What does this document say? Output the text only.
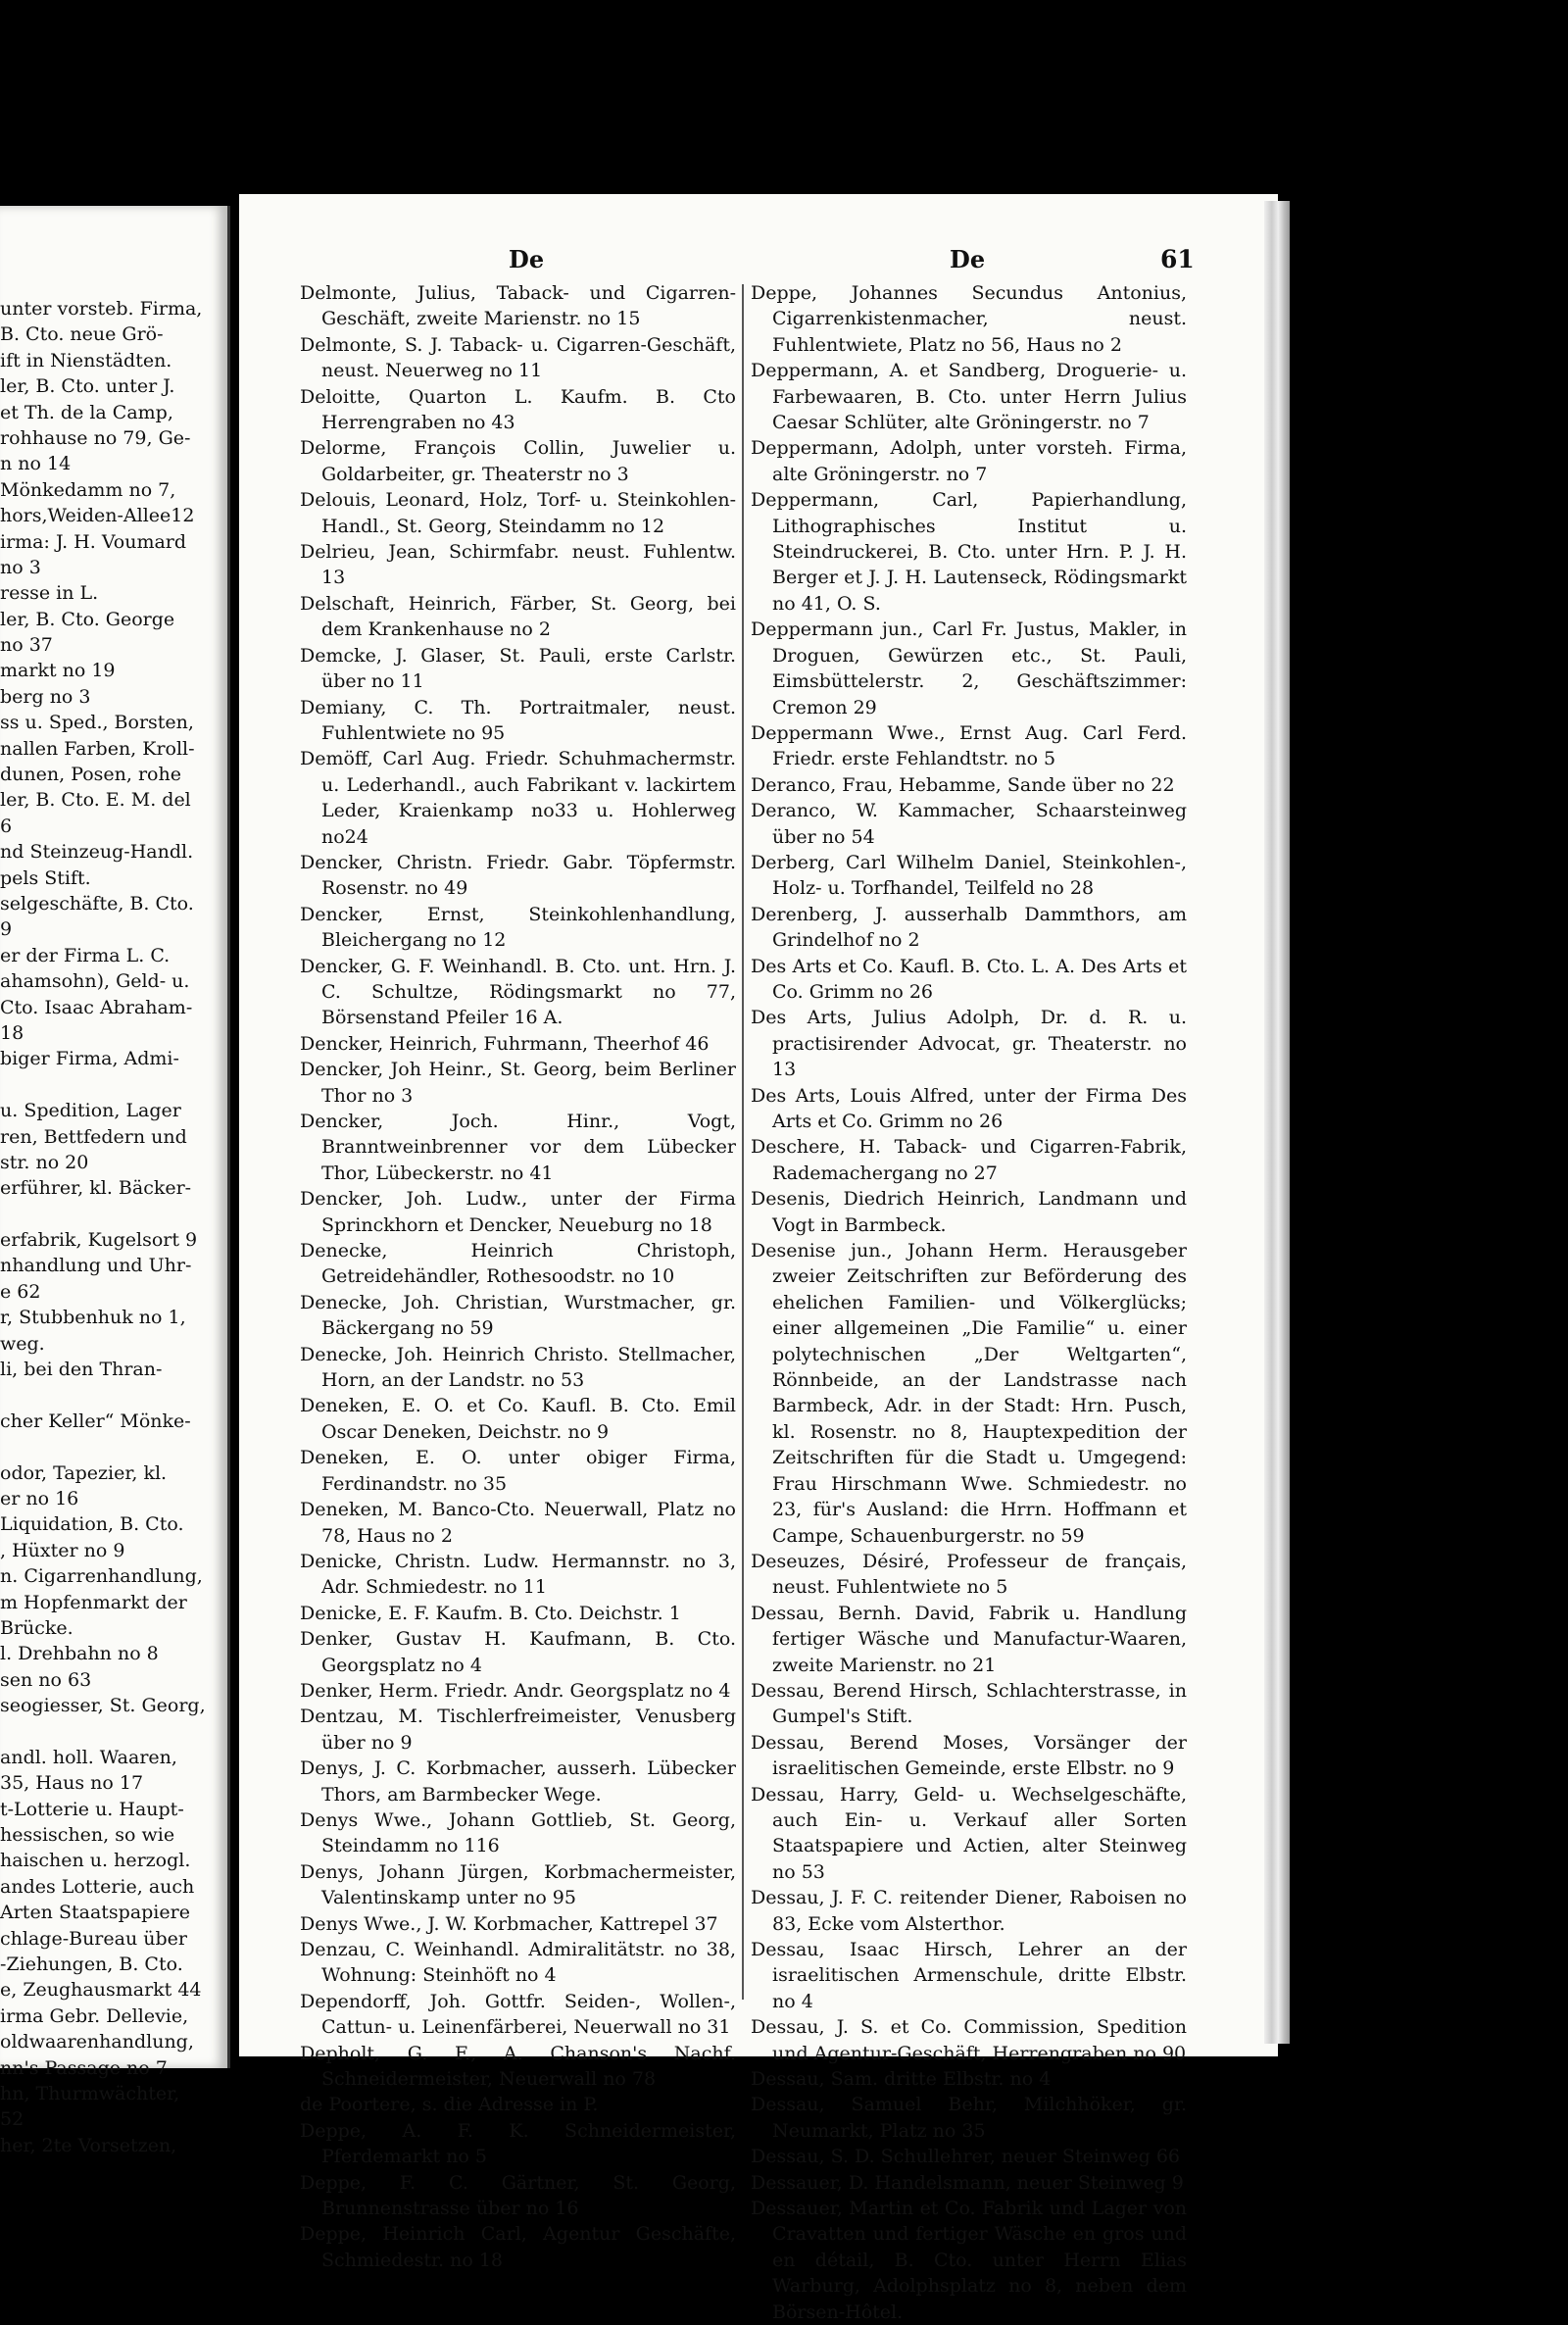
unter vorsteb. Firma,
B. Cto. neue Grö-
ift in Nienstädten.
ler, B. Cto. unter J.
et Th. de la Camp,
rohhause no 79, Ge-
n no 14
Mönkedamm no 7,
hors,Weiden-Allee12
irma: J. H. Voumard
no 3
resse in L.
ler, B. Cto. George
no 37
markt no 19
berg no 3
ss u. Sped., Borsten,
nallen Farben, Kroll-
dunen, Posen, rohe
ler, B. Cto. E. M. del
6
nd Steinzeug-Handl.
pels Stift.
selgeschäfte, B. Cto.
9
er der Firma L. C.
ahamsohn), Geld- u.
Cto. Isaac Abraham-
18
biger Firma, Admi-
u. Spedition, Lager
ren, Bettfedern und
str. no 20
erführer, kl. Bäcker-
erfabrik, Kugelsort 9
nhandlung und Uhr-
e 62
r, Stubbenhuk no 1,
weg.
li, bei den Thran-
cher Keller“ Mönke-
odor, Tapezier, kl.
er no 16
Liquidation, B. Cto.
, Hüxter no 9
n. Cigarrenhandlung,
m Hopfenmarkt der
Brücke.
l. Drehbahn no 8
sen no 63
seogiesser, St. Georg,
andl. holl. Waaren,
35, Haus no 17
t-Lotterie u. Haupt-
hessischen, so wie
haischen u. herzogl.
andes Lotterie, auch
Arten Staatspapiere
chlage-Bureau über
-Ziehungen, B. Cto.
e, Zeughausmarkt 44
irma Gebr. Dellevie,
oldwaarenhandlung,
nn's Passage no 7
hn, Thurmwächter,
52
her, 2te Vorsetzen,
De	De	61
Delmonte, Julius, Taback- und Cigarren-Geschäft, zweite Marienstr. no 15
Delmonte, S. J. Taback- u. Cigarren-Geschäft, neust. Neuerweg no 11
Deloitte, Quarton L. Kaufm. B. Cto Herrengraben no 43
Delorme, François Collin, Juwelier u. Goldarbeiter, gr. Theaterstr no 3
Delouis, Leonard, Holz, Torf- u. Steinkohlen-Handl., St. Georg, Steindamm no 12
Delrieu, Jean, Schirmfabr. neust. Fuhlentw. 13
Delschaft, Heinrich, Färber, St. Georg, bei dem Krankenhause no 2
Demcke, J. Glaser, St. Pauli, erste Carlstr. über no 11
Demiany, C. Th. Portraitmaler, neust. Fuhlentwiete no 95
Demöff, Carl Aug. Friedr. Schuhmachermstr. u. Lederhandl., auch Fabrikant v. lackirtem Leder, Kraienkamp no33 u. Hohlerweg no24
Dencker, Christn. Friedr. Gabr. Töpfermstr. Rosenstr. no 49
Dencker, Ernst, Steinkohlenhandlung, Bleichergang no 12
Dencker, G. F. Weinhandl. B. Cto. unt. Hrn. J. C. Schultze, Rödingsmarkt no 77, Börsenstand Pfeiler 16 A.
Dencker, Heinrich, Fuhrmann, Theerhof 46
Dencker, Joh Heinr., St. Georg, beim Berliner Thor no 3
Dencker, Joch. Hinr., Vogt, Branntweinbrenner vor dem Lübecker Thor, Lübeckerstr. no 41
Dencker, Joh. Ludw., unter der Firma Sprinckhorn et Dencker, Neueburg no 18
Denecke, Heinrich Christoph, Getreidehändler, Rothesoodstr. no 10
Denecke, Joh. Christian, Wurstmacher, gr. Bäckergang no 59
Denecke, Joh. Heinrich Christo. Stellmacher, Horn, an der Landstr. no 53
Deneken, E. O. et Co. Kaufl. B. Cto. Emil Oscar Deneken, Deichstr. no 9
Deneken, E. O. unter obiger Firma, Ferdinandstr. no 35
Deneken, M. Banco-Cto. Neuerwall, Platz no 78, Haus no 2
Denicke, Christn. Ludw. Hermannstr. no 3, Adr. Schmiedestr. no 11
Denicke, E. F. Kaufm. B. Cto. Deichstr. 1
Denker, Gustav H. Kaufmann, B. Cto. Georgsplatz no 4
Denker, Herm. Friedr. Andr. Georgsplatz no 4
Dentzau, M. Tischlerfreimeister, Venusberg über no 9
Denys, J. C. Korbmacher, ausserh. Lübecker Thors, am Barmbecker Wege.
Denys Wwe., Johann Gottlieb, St. Georg, Steindamm no 116
Denys, Johann Jürgen, Korbmachermeister, Valentinskamp unter no 95
Denys Wwe., J. W. Korbmacher, Kattrepel 37
Denzau, C. Weinhandl. Admiralitätstr. no 38, Wohnung: Steinhöft no 4
Dependorff, Joh. Gottfr. Seiden-, Wollen-, Cattun- u. Leinenfärberei, Neuerwall no 31
Depholt, G. F., A. Chanson's Nachf. Schneidermeister, Neuerwall no 78
de Poortere, s. die Adresse in P.
Deppe, A. F. K. Schneidermeister, Pferdemarkt no 5
Deppe, F. C. Gärtner, St. Georg, Brunnenstrasse über no 16
Deppe, Heinrich Carl, Agentur Geschäfte, Schmiedestr. no 18
Deppe, Johannes Secundus Antonius, Cigarrenkistenmacher, neust. Fuhlentwiete, Platz no 56, Haus no 2
Deppermann, A. et Sandberg, Droguerie- u. Farbewaaren, B. Cto. unter Herrn Julius Caesar Schlüter, alte Gröningerstr. no 7
Deppermann, Adolph, unter vorsteh. Firma, alte Gröningerstr. no 7
Deppermann, Carl, Papierhandlung, Lithographisches Institut u. Steindruckerei, B. Cto. unter Hrn. P. J. H. Berger et J. J. H. Lautenseck, Rödingsmarkt no 41, O. S.
Deppermann jun., Carl Fr. Justus, Makler, in Droguen, Gewürzen etc., St. Pauli, Eimsbüttelerstr. 2, Geschäftszimmer: Cremon 29
Deppermann Wwe., Ernst Aug. Carl Ferd. Friedr. erste Fehlandtstr. no 5
Deranco, Frau, Hebamme, Sande über no 22
Deranco, W. Kammacher, Schaarsteinweg über no 54
Derberg, Carl Wilhelm Daniel, Steinkohlen-, Holz- u. Torfhandel, Teilfeld no 28
Derenberg, J. ausserhalb Dammthors, am Grindelhof no 2
Des Arts et Co. Kaufl. B. Cto. L. A. Des Arts et Co. Grimm no 26
Des Arts, Julius Adolph, Dr. d. R. u. practisirender Advocat, gr. Theaterstr. no 13
Des Arts, Louis Alfred, unter der Firma Des Arts et Co. Grimm no 26
Deschere, H. Taback- und Cigarren-Fabrik, Rademachergang no 27
Desenis, Diedrich Heinrich, Landmann und Vogt in Barmbeck.
Desenise jun., Johann Herm. Herausgeber zweier Zeitschriften zur Beförderung des ehelichen Familien- und Völkerglücks; einer allgemeinen „Die Familie“ u. einer polytechnischen „Der Weltgarten“, Rönnbeide, an der Landstrasse nach Barmbeck, Adr. in der Stadt: Hrn. Pusch, kl. Rosenstr. no 8, Hauptexpedition der Zeitschriften für die Stadt u. Umgegend: Frau Hirschmann Wwe. Schmiedestr. no 23, für's Ausland: die Hrrn. Hoffmann et Campe, Schauenburgerstr. no 59
Deseuzes, Désiré, Professeur de français, neust. Fuhlentwiete no 5
Dessau, Bernh. David, Fabrik u. Handlung fertiger Wäsche und Manufactur-Waaren, zweite Marienstr. no 21
Dessau, Berend Hirsch, Schlachterstrasse, in Gumpel's Stift.
Dessau, Berend Moses, Vorsänger der israelitischen Gemeinde, erste Elbstr. no 9
Dessau, Harry, Geld- u. Wechselgeschäfte, auch Ein- u. Verkauf aller Sorten Staatspapiere und Actien, alter Steinweg no 53
Dessau, J. F. C. reitender Diener, Raboisen no 83, Ecke vom Alsterthor.
Dessau, Isaac Hirsch, Lehrer an der israelitischen Armenschule, dritte Elbstr. no 4
Dessau, J. S. et Co. Commission, Spedition und Agentur-Geschäft, Herrengraben no 90
Dessau, Sam. dritte Elbstr. no 4
Dessau, Samuel Behr, Milchhöker, gr. Neumarkt, Platz no 35
Dessau, S. D. Schullehrer, neuer Steinweg 66
Dessauer, D. Handelsmann, neuer Steinweg 9
Dessauer, Martin et Co. Fabrik und Lager von Cravatten und fertiger Wäsche en gros und en détail, B. Cto. unter Herrn Elias Warburg, Adolphsplatz no 8, neben dem Börsen-Hôtel.
